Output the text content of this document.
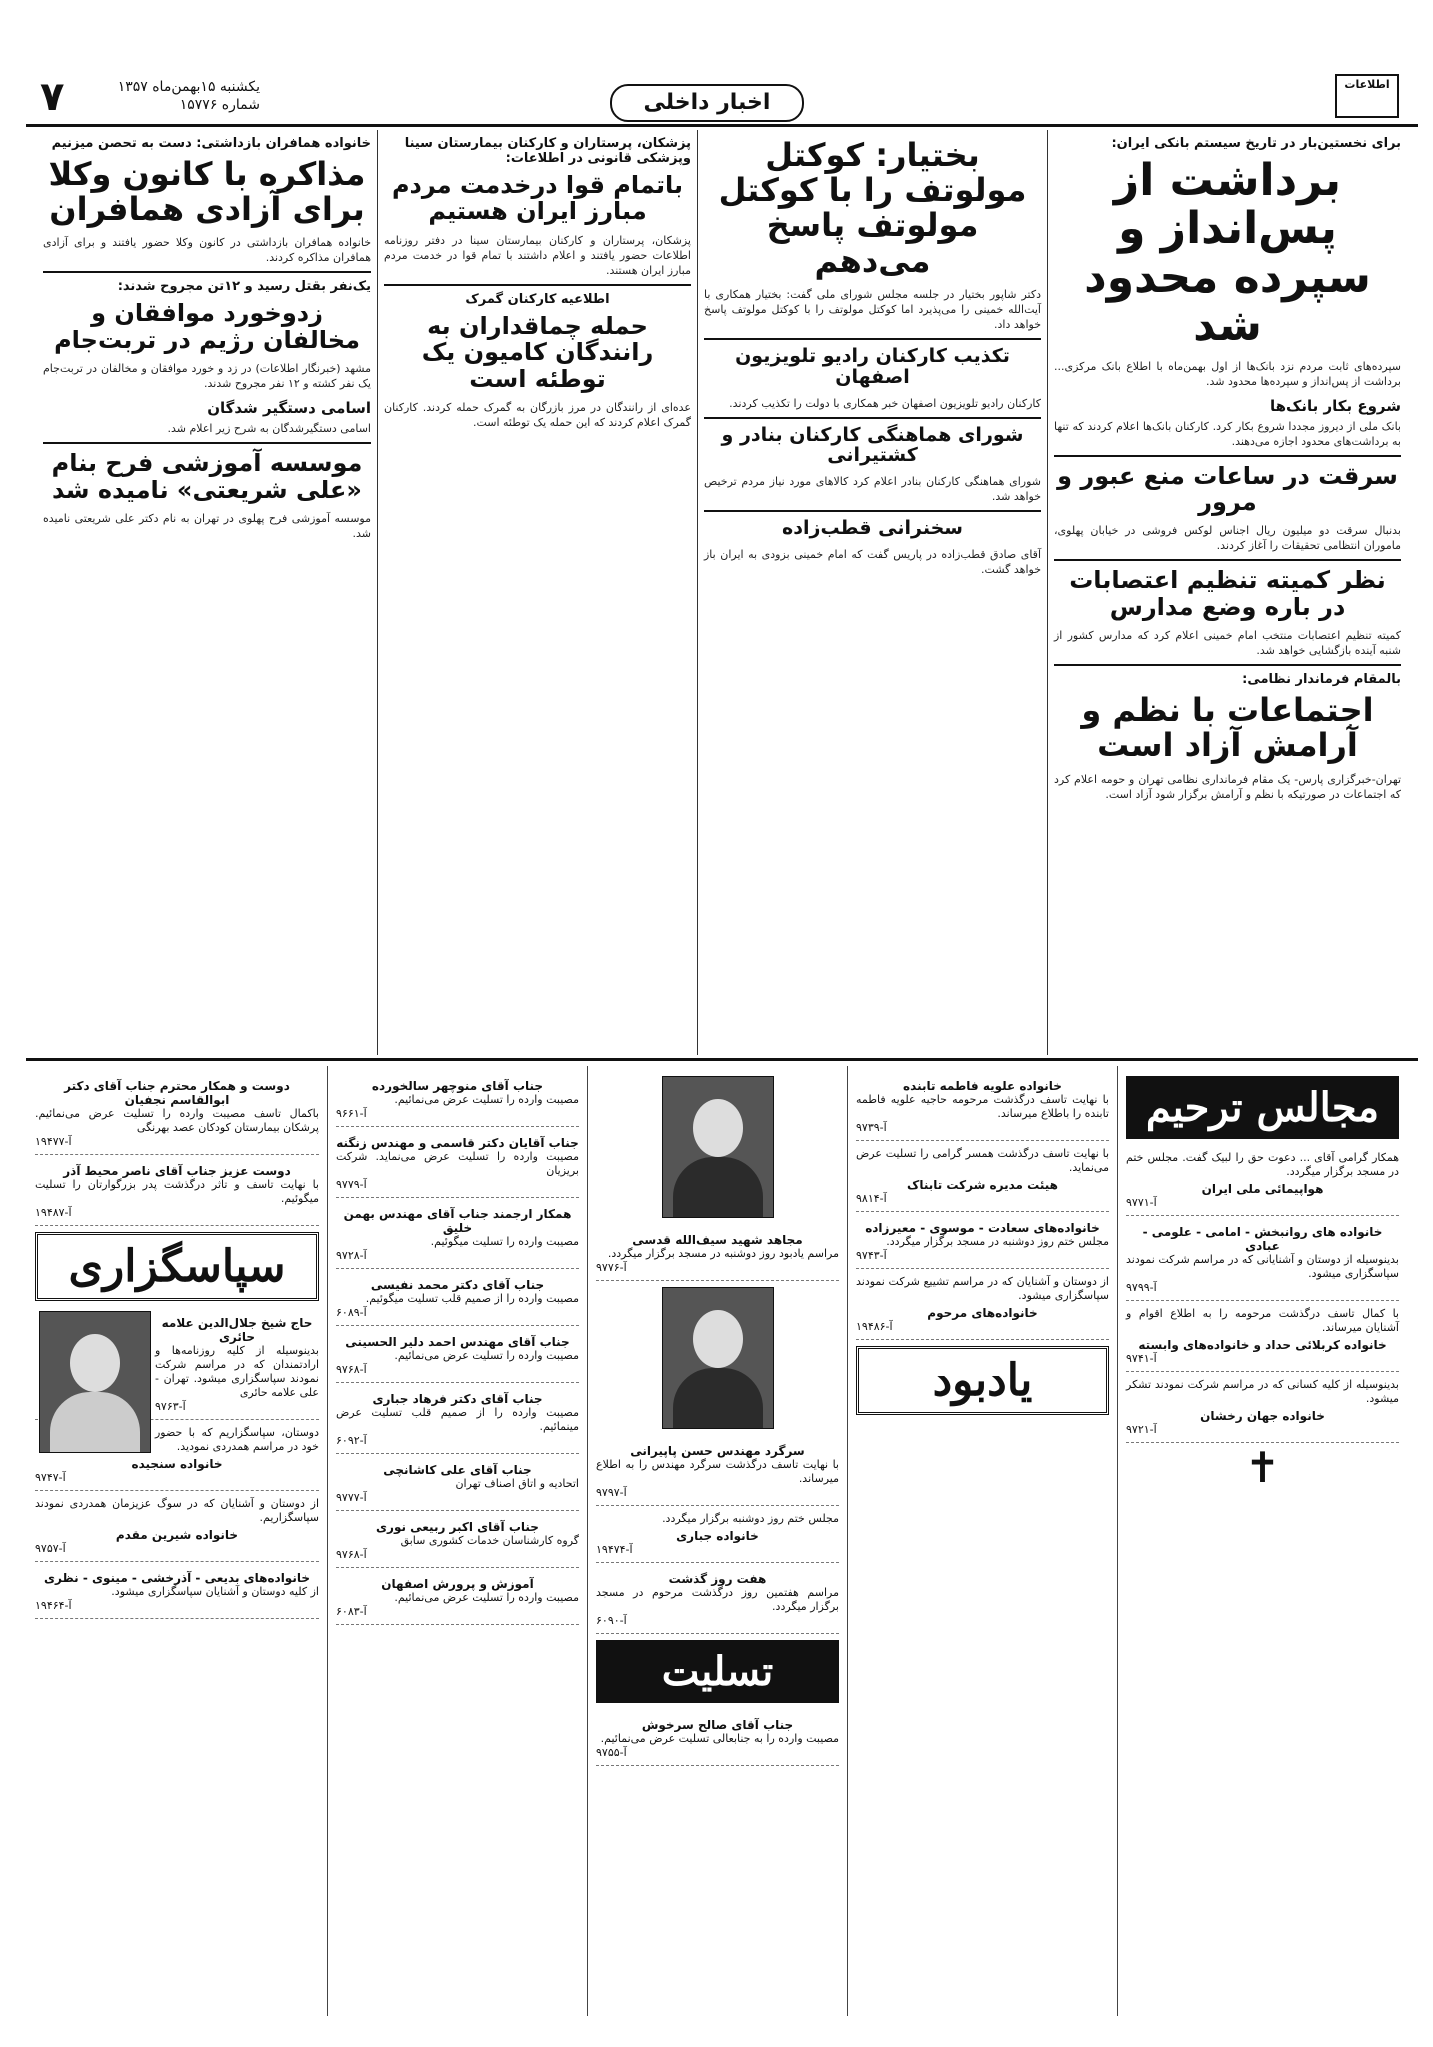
٧	یکشنبه ۱۵بهمن‌ماه ۱۳۵۷
شماره ۱۵۷۷۶	اخبار داخلی
اطلاعات
برای نخستین‌بار در تاریخ سیستم بانکی ایران:
برداشت از پس‌انداز و سپرده محدود شد
سپرده‌های ثابت مردم نزد بانک‌ها از اول بهمن‌ماه با اطلاع بانک مرکزی... برداشت از پس‌انداز و سپرده‌ها محدود شد.
شروع بکار بانک‌ها
بانک ملی از دیروز مجددا شروع بکار کرد. کارکنان بانک‌ها اعلام کردند که تنها به برداشت‌های محدود اجازه می‌دهند.
سرقت در ساعات منع عبور و مرور
بدنبال سرقت دو میلیون ریال اجناس لوکس فروشی در خیابان پهلوی، ماموران انتظامی تحقیقات را آغاز کردند.
نظر کمیته تنظیم اعتصابات در باره وضع مدارس
کمیته تنظیم اعتصابات منتخب امام خمینی اعلام کرد که مدارس کشور از شنبه آینده بازگشایی خواهد شد.
بالمقام فرماندار نظامی:
اجتماعات با نظم و آرامش آزاد است
تهران-خبرگزاری پارس- یک مقام فرمانداری نظامی تهران و حومه اعلام کرد که اجتماعات در صورتیکه با نظم و آرامش برگزار شود آزاد است.
بختیار: کوکتل مولوتف را با کوکتل مولوتف پاسخ می‌دهم
دکتر شاپور بختیار در جلسه مجلس شورای ملی گفت: بختیار همکاری با آیت‌الله خمینی را می‌پذیرد اما کوکتل مولوتف را با کوکتل مولوتف پاسخ خواهد داد.
تکذیب کارکنان رادیو تلویزیون اصفهان
کارکنان رادیو تلویزیون اصفهان خبر همکاری با دولت را تکذیب کردند.
شورای هماهنگی کارکنان بنادر و کشتیرانی
شورای هماهنگی کارکنان بنادر اعلام کرد کالاهای مورد نیاز مردم ترخیص خواهد شد.
سخنرانی قطب‌زاده
آقای صادق قطب‌زاده در پاریس گفت که امام خمینی بزودی به ایران باز خواهد گشت.
پزشکان، پرستاران و کارکنان بیمارستان سینا وپزشکی قانونی در اطلاعات:
باتمام قوا درخدمت مردم مبارز ایران هستیم
پزشکان، پرستاران و کارکنان بیمارستان سینا در دفتر روزنامه اطلاعات حضور یافتند و اعلام داشتند با تمام قوا در خدمت مردم مبارز ایران هستند.
اطلاعیه کارکنان گمرک
حمله چماقداران به رانندگان کامیون یک توطئه است
عده‌ای از رانندگان در مرز بازرگان به گمرک حمله کردند. کارکنان گمرک اعلام کردند که این حمله یک توطئه است.
خانواده همافران بازداشتی: دست به تحصن میزنیم
مذاکره با کانون وکلا برای آزادی همافران
خانواده همافران بازداشتی در کانون وکلا حضور یافتند و برای آزادی همافران مذاکره کردند.
یک‌نفر بقتل رسید و ۱۲تن مجروح شدند:
زدوخورد موافقان و مخالفان رژیم در تربت‌جام
مشهد (خبرنگار اطلاعات) در زد و خورد موافقان و مخالفان در تربت‌جام یک نفر کشته و ۱۲ نفر مجروح شدند.
اسامی دستگیر شدگان
اسامی دستگیرشدگان به شرح زیر اعلام شد.
موسسه آموزشی فرح بنام «علی شریعتی» نامیده شد
موسسه آموزشی فرح پهلوی در تهران به نام دکتر علی شریعتی نامیده شد.
مجالس ترحیم
همکار گرامی آقای ... دعوت حق را لبیک گفت. مجلس ختم در مسجد برگزار میگردد.
هواپیمائی ملی ایران
آ-۹۷۷۱
خانواده های روانبخش - امامی - علومی - عبادی
بدینوسیله از دوستان و آشنایانی که در مراسم شرکت نمودند سپاسگزاری میشود.
آ-۹۷۹۹
با کمال تاسف درگذشت مرحومه را به اطلاع اقوام و آشنایان میرساند.
خانواده کربلائی حداد و خانواده‌های وابسته
آ-۹۷۴۱
بدینوسیله از کلیه کسانی که در مراسم شرکت نمودند تشکر میشود.
خانواده جهان رخشان
آ-۹۷۲۱
✝
خانواده علویه فاطمه تابنده
با نهایت تاسف درگذشت مرحومه حاجیه علویه فاطمه تابنده را باطلاع میرساند.
آ-۹۷۳۹
با نهایت تاسف درگذشت همسر گرامی را تسلیت عرض می‌نماید.
هیئت مدیره شرکت تابناک
آ-۹۸۱۴
خانواده‌های سعادت - موسوی - معیرزاده
مجلس ختم روز دوشنبه در مسجد برگزار میگردد.
آ-۹۷۴۳
از دوستان و آشنایان که در مراسم تشییع شرکت نمودند سپاسگزاری میشود.
خانواده‌های مرحوم
آ-۱۹۴۸۶
یادبود
مجاهد شهید سیف‌الله قدسی
مراسم یادبود روز دوشنبه در مسجد برگزار میگردد.
آ-۹۷۷۶
سرگرد مهندس حسن پاپیرانی
با نهایت تاسف درگذشت سرگرد مهندس را به اطلاع میرساند.
آ-۹۷۹۷
مجلس ختم روز دوشنبه برگزار میگردد.
خانواده جباری
آ-۱۹۴۷۴
هفت روز گذشت
مراسم هفتمین روز درگذشت مرحوم در مسجد برگزار میگردد.
آ-۶۰۹۰
تسلیت
جناب آقای صالح سرخوش
مصیبت وارده را به جنابعالی تسلیت عرض می‌نمائیم.
آ-۹۷۵۵
جناب آقای منوچهر سالخورده
مصیبت وارده را تسلیت عرض می‌نمائیم.
آ-۹۶۶۱
جناب آقایان دکتر قاسمی و مهندس زنگنه
مصیبت وارده را تسلیت عرض می‌نماید. شرکت بریزیان
آ-۹۷۷۹
همکار ارجمند جناب آقای مهندس بهمن خلیق
مصیبت وارده را تسلیت میگوئیم.
آ-۹۷۲۸
جناب آقای دکتر محمد نفیسی
مصیبت وارده را از صمیم قلب تسلیت میگوئیم.
آ-۶۰۸۹
جناب آقای مهندس احمد دلیر الحسینی
مصیبت وارده را تسلیت عرض می‌نمائیم.
آ-۹۷۶۸
جناب آقای دکتر فرهاد جباری
مصیبت وارده را از صمیم قلب تسلیت عرض مینمائیم.
آ-۶۰۹۲
جناب آقای علی کاشانچی
اتحادیه و اتاق اصناف تهران
آ-۹۷۷۷
جناب آقای اکبر ربیعی نوری
گروه کارشناسان خدمات کشوری سابق
آ-۹۷۶۸
آموزش و پرورش اصفهان
مصیبت وارده را تسلیت عرض می‌نمائیم.
آ-۶۰۸۳
دوست و همکار محترم جناب آقای دکتر ابوالقاسم نجفیان
باکمال تاسف مصیبت وارده را تسلیت عرض می‌نمائیم. پرشکان بیمارستان کودکان عصد بهرنگی
آ-۱۹۴۷۷
دوست عزیز جناب آقای ناصر محیط آذر
با نهایت تاسف و تاثر درگذشت پدر بزرگوارتان را تسلیت میگوئیم.
آ-۱۹۴۸۷
سپاسگزاری
حاج شیخ جلال‌الدین علامه حائری
بدینوسیله از کلیه روزنامه‌ها و ارادتمندان که در مراسم شرکت نمودند سپاسگزاری میشود. تهران - علی علامه حائری
آ-۹۷۶۳
دوستان، سپاسگزاریم که با حضور خود در مراسم همدردی نمودید.
خانواده سنجیده
آ-۹۷۴۷
از دوستان و آشنایان که در سوگ عزیزمان همدردی نمودند سپاسگزاریم.
خانواده شیرین مقدم
آ-۹۷۵۷
خانواده‌های بدیعی - آذرخشی - مینوی - نظری
از کلیه دوستان و آشنایان سپاسگزاری میشود.
آ-۱۹۴۶۴
